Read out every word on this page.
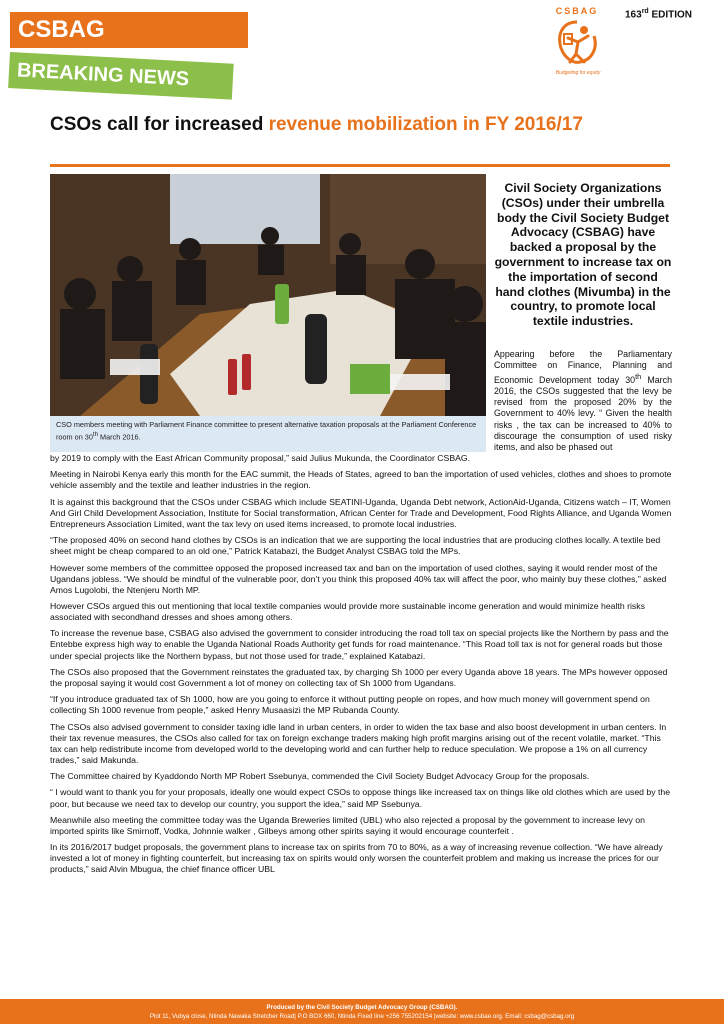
CSBAG
BREAKING NEWS
CSBAG
Budgeting for equity
163rd EDITION
CSOs call for increased revenue mobilization in FY 2016/17
CSO members meeting with Parliament Finance committee to present alternative taxation proposals at the Parliament Conference room on 30th March 2016.
Civil Society Organizations (CSOs) under their umbrella body the Civil Society Budget Advocacy (CSBAG) have backed a proposal by the government to increase tax on the importation of second hand clothes (Mivumba) in the country, to promote local textile industries.
Appearing before the Parliamentary Committee on Finance, Planning and Economic Development today 30th March 2016, the CSOs suggested that the levy be revised from the proposed 20% by the Government to 40% levy. “ Given the health risks , the tax can be increased to 40% to discourage the consumption of used risky items, and also be phased out

by 2019 to comply with the East African Community proposal,” said Julius Mukunda, the Coordinator CSBAG.

Meeting in Nairobi Kenya early this month for the EAC summit, the Heads of States, agreed to ban the importation of used vehicles, clothes and shoes to promote vehicle assembly and the textile and leather industries in the region.

It is against this background that the CSOs under CSBAG which include SEATINI-Uganda, Uganda Debt network, ActionAid-Uganda, Citizens watch – IT, Women And Girl Child Development Association, Institute for Social transformation, African Center for Trade and Development, Food Rights Alliance, and Uganda Women Entrepreneurs Association Limited, want the tax levy on used items increased, to promote local industries.

“The proposed 40% on second hand clothes by CSOs is an indication that we are supporting the local industries that are producing clothes locally. A textile bed sheet might be cheap compared to an old one,” Patrick Katabazi, the Budget Analyst CSBAG told the MPs.

However some members of the committee opposed the proposed increased tax and ban on the importation of used clothes, saying it would render most of the Ugandans jobless. “We should be mindful of the vulnerable poor, don’t you think this proposed 40% tax will affect the poor, who mainly buy these clothes,” asked Amos Lugolobi, the Ntenjeru North MP.

However CSOs argued this out mentioning that local textile companies would provide more sustainable income generation and would minimize health risks associated with secondhand dresses and shoes among others.

To increase the revenue base, CSBAG also advised the government to consider introducing the road toll tax on special projects like the Northern by pass and the Entebbe express high way to enable the Uganda National Roads Authority get funds for road maintenance. “This Road toll tax is not for general roads but those under special projects like the Northern bypass, but not those used for trade,” explained Katabazi.

The CSOs also proposed that the Government reinstates the graduated tax, by charging Sh 1000 per every Uganda above 18 years. The MPs however opposed the proposal saying it would cost Government a lot of money on collecting tax of Sh 1000 from Ugandans.

“If you introduce graduated tax of Sh 1000, how are you going to enforce it without putting people on ropes, and how much money will government spend on collecting Sh 1000 revenue from people,” asked Henry Musaasizi the MP Rubanda County.

The CSOs also advised government to consider taxing idle land in urban centers, in order to widen the tax base and also boost development in urban centers. In their tax revenue measures, the CSOs also called for tax on foreign exchange traders making high profit margins arising out of the recent volatile, market. “This tax can help redistribute income from developed world to the developing world and can further help to reduce speculation. We propose a 1% on all currency trades,” said Makunda.

The Committee chaired by Kyaddondo North MP Robert Ssebunya, commended the Civil Society Budget Advocacy Group for the proposals.

“ I would want to thank you for your proposals, ideally one would expect CSOs to oppose things like increased tax on things like old clothes which are used by the poor, but because we need tax to develop our country, you support the idea,” said MP Ssebunya.

Meanwhile also meeting the committee today was the Uganda Breweries limited (UBL) who also rejected a proposal by the government to increase levy on imported spirits like Smirnoff, Vodka, Johnnie walker , Gilbeys among other spirits saying it would encourage counterfeit .

In its 2016/2017 budget proposals, the government plans to increase tax on spirits from 70 to 80%, as a way of increasing revenue collection. “We have already invested a lot of money in fighting counterfeit, but increasing tax on spirits would only worsen the counterfeit problem and making us increase the prices for our products,” said Alvin Mbugua, the chief finance officer UBL

Produced by the Civil Society Budget Advocacy Group (CSBAG).
Plot 11, Vubya close, Ntinda Nawaka Stretcher Road| P.O BOX 660, Ntinda Fixed line +256 755202154 |website: www.csbae.org. Email: csbag@csbag.org
